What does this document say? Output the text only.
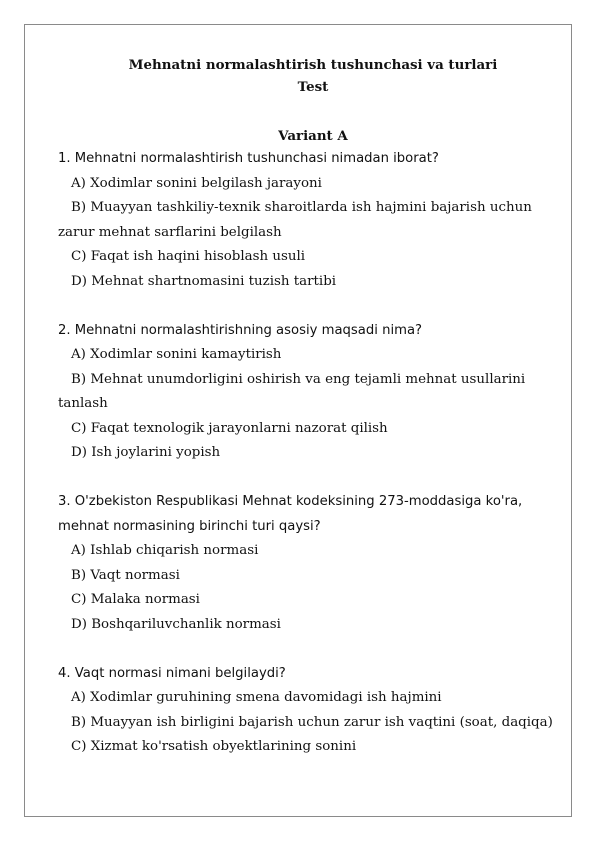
Mehnatni normalashtirish tushunchasi va turlari
Test
Variant A
1. Mehnatni normalashtirish tushunchasi nimadan iborat?
A) Xodimlar sonini belgilash jarayoni
B) Muayyan tashkiliy-texnik sharoitlarda ish hajmini bajarish uchun zarur mehnat sarflarini belgilash
C) Faqat ish haqini hisoblash usuli
D) Mehnat shartnomasini tuzish tartibi
2. Mehnatni normalashtirishning asosiy maqsadi nima?
A) Xodimlar sonini kamaytirish
B) Mehnat unumdorligini oshirish va eng tejamli mehnat usullarini tanlash
C) Faqat texnologik jarayonlarni nazorat qilish
D) Ish joylarini yopish
3. O'zbekiston Respublikasi Mehnat kodeksining 273-moddasiga ko'ra, mehnat normasining birinchi turi qaysi?
A) Ishlab chiqarish normasi
B) Vaqt normasi
C) Malaka normasi
D) Boshqariluvchanlik normasi
4. Vaqt normasi nimani belgilaydi?
A) Xodimlar guruhining smena davomidagi ish hajmini
B) Muayyan ish birligini bajarish uchun zarur ish vaqtini (soat, daqiqa)
C) Xizmat ko'rsatish obyektlarining sonini
